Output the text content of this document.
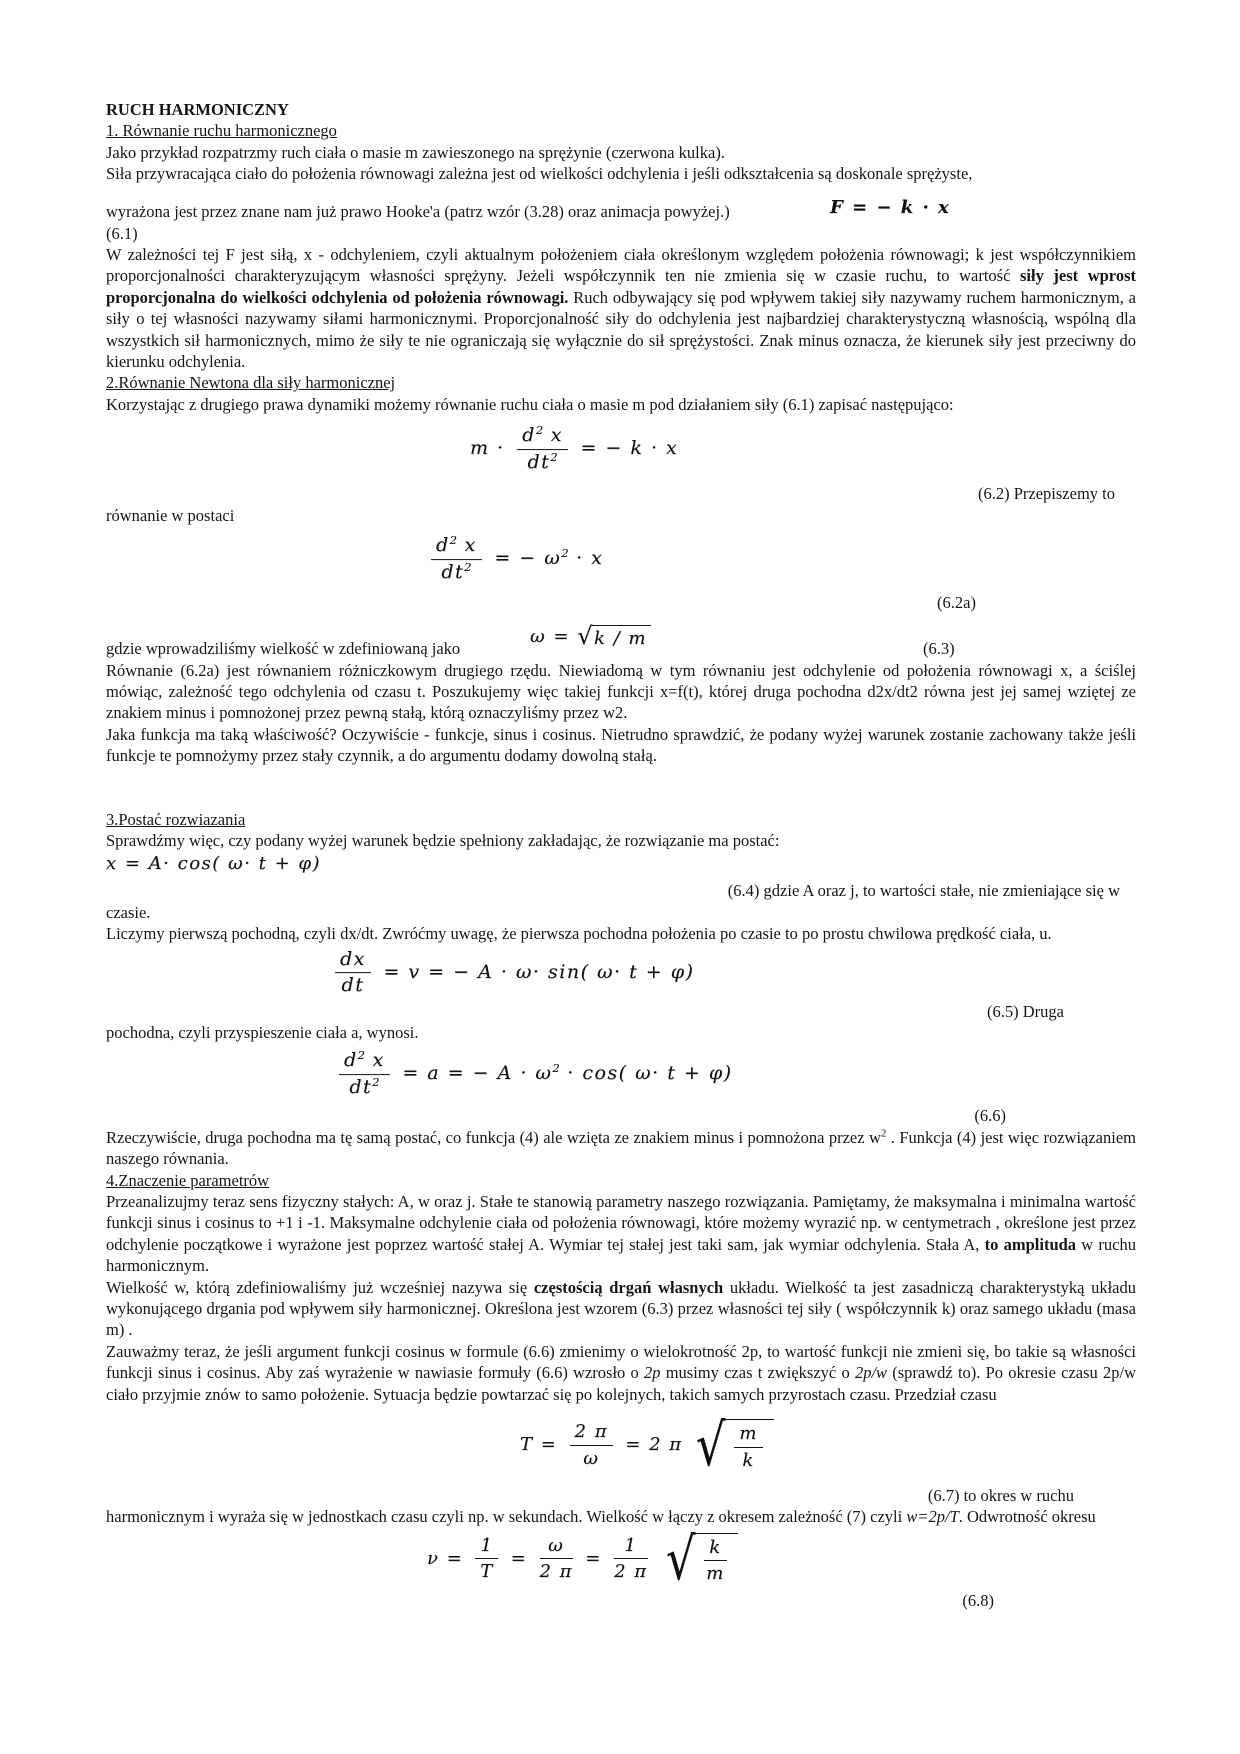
RUCH HARMONICZNY
1. Równanie ruchu harmonicznego

Jako przykład rozpatrzmy ruch ciała o masie m zawieszonego na sprężynie (czerwona kulka).

Siła przywracająca ciało do położenia równowagi zależna jest od wielkości odchylenia i jeśli odkształcenia są doskonale sprężyste,

wyrażona jest przez znane nam już prawo Hooke'a (patrz wzór (3.28) oraz animacja powyżej.)	F = − k · x

(6.1)

W zależności tej F jest siłą, x - odchyleniem, czyli aktualnym położeniem ciała określonym względem położenia równowagi; k jest współczynnikiem proporcjonalności charakteryzującym własności sprężyny. Jeżeli współczynnik ten nie zmienia się w czasie ruchu, to wartość siły jest wprost proporcjonalna do wielkości odchylenia od położenia równowagi. Ruch odbywający się pod wpływem takiej siły nazywamy ruchem harmonicznym, a siły o tej własności nazywamy siłami harmonicznymi. Proporcjonalność siły do odchylenia jest najbardziej charakterystyczną własnością, wspólną dla wszystkich sił harmonicznych, mimo że siły te nie ograniczają się wyłącznie do sił sprężystości. Znak minus oznacza, że kierunek siły jest przeciwny do kierunku odchylenia.

2.Równanie Newtona dla siły harmonicznej

Korzystając z drugiego prawa dynamiki możemy równanie ruchu ciała o masie m pod działaniem siły (6.1) zapisać następująco:

$m \cdot \frac{d^2 x}{dt^2}$ = − k · x

(6.2) Przepiszemy to

równanie w postaci

$\frac{d^2 x}{dt^2}$ = − $\omega^2 \cdot x$

(6.2a)

gdzie wprowadziliśmy wielkość w zdefiniowaną jako
ω = √ k / m	(6.3)

Równanie (6.2a) jest równaniem różniczkowym drugiego rzędu. Niewiadomą w tym równaniu jest odchylenie od położenia równowagi x, a ściślej mówiąc, zależność tego odchylenia od czasu t. Poszukujemy więc takiej funkcji x=f(t), której druga pochodna d2x/dt2 równa jest jej samej wziętej ze znakiem minus i pomnożonej przez pewną stałą, którą oznaczyliśmy przez w2.

Jaka funkcja ma taką właściwość? Oczywiście - funkcje, sinus i cosinus. Nietrudno sprawdzić, że podany wyżej warunek zostanie zachowany także jeśli funkcje te pomnożymy przez stały czynnik, a do argumentu dodamy dowolną stałą.

3.Postać rozwiazania

Sprawdźmy więc, czy podany wyżej warunek będzie spełniony zakładając, że rozwiązanie ma postać:

x = A· cos( ω· t + φ)

(6.4) gdzie A oraz j, to wartości stałe, nie zmieniające się w

czasie.

Liczymy pierwszą pochodną, czyli dx/dt. Zwróćmy uwagę, że pierwsza pochodna położenia po czasie to po prostu chwilowa prędkość ciała, u.

$\frac{dx}{dt} = v$ = − A · ω· sin( ω· t + φ)

(6.5) Druga

pochodna, czyli przyspieszenie ciała a, wynosi.

$\frac{d^2 x}{dt^2} = a$ = − $A \cdot \omega^2 \cdot \cos$( ω· t + φ)

(6.6)

Rzeczywiście, druga pochodna ma tę samą postać, co funkcja (4) ale wzięta ze znakiem minus i pomnożona przez $w^2$ . Funkcja (4) jest więc rozwiązaniem naszego równania.

4.Znaczenie parametrów

Przeanalizujmy teraz sens fizyczny stałych: A, w oraz j. Stałe te stanowią parametry naszego rozwiązania. Pamiętamy, że maksymalna i minimalna wartość funkcji sinus i cosinus to +1 i -1. Maksymalne odchylenie ciała od położenia równowagi, które możemy wyrazić np. w centymetrach , określone jest przez odchylenie początkowe i wyrażone jest poprzez wartość stałej A. Wymiar tej stałej jest taki sam, jak wymiar odchylenia. Stała A, to amplituda w ruchu harmonicznym.

Wielkość w, którą zdefiniowaliśmy już wcześniej nazywa się częstością drgań własnych układu. Wielkość ta jest zasadniczą charakterystyką układu wykonującego drgania pod wpływem siły harmonicznej. Określona jest wzorem (6.3) przez własności tej siły ( współczynnik k) oraz samego układu (masa m) .

Zauważmy teraz, że jeśli argument funkcji cosinus w formule (6.6) zmienimy o wielokrotność 2p, to wartość funkcji nie zmieni się, bo takie są własności funkcji sinus i cosinus. Aby zaś wyrażenie w nawiasie formuły (6.6) wzrosło o 2p musimy czas t zwiększyć o 2p/w (sprawdź to). Po okresie czasu 2p/w ciało przyjmie znów to samo położenie. Sytuacja będzie powtarzać się po kolejnych, takich samych przyrostach czasu. Przedział czasu

$T = \frac{2 \pi}{\omega} = 2$ π √ $\frac{m}{k}$

(6.7) to okres w ruchu

harmonicznym i wyraża się w jednostkach czasu czyli np. w sekundach. Wielkość w łączy z okresem zależność (7) czyli w=2p/T. Odwrotność okresu

$\nu = \frac{1}{T} = \frac{\omega}{2 \pi} = \frac{1}{2 \pi}$
√ $\frac{k}{m}$

(6.8)
